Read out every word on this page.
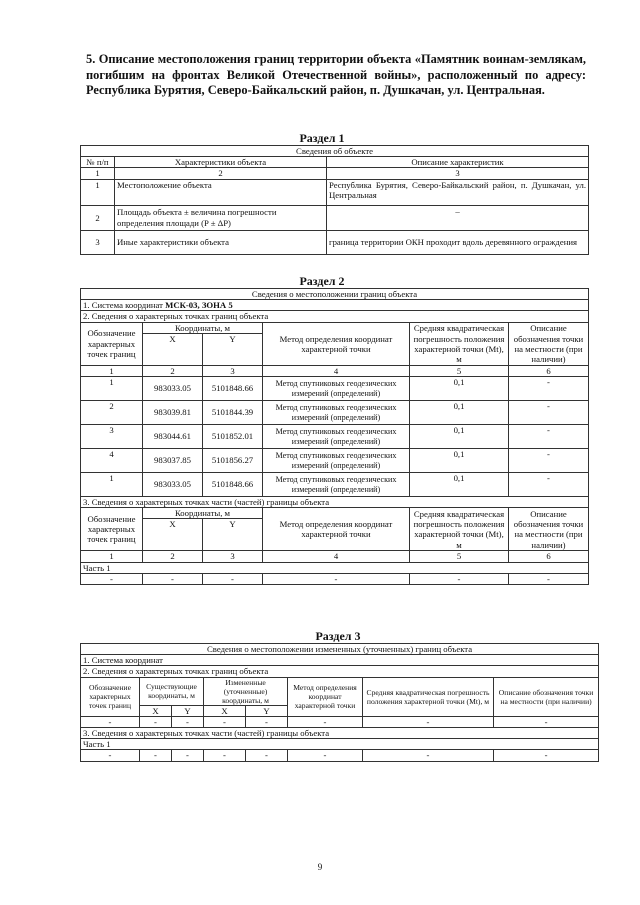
5. Описание местоположения границ территории объекта «Памятник воинам-землякам, погибшим на фронтах Великой Отечественной войны», расположенный по адресу: Республика Бурятия, Северо-Байкальский район, п. Душкачан, ул. Центральная.
Раздел 1
Сведения об объекте		
№ п/п	Характеристики объекта	Описание характеристик
1	2	3
1	Местоположение объекта	Республика Бурятия, Северо-Байкальский район, п. Душкачан, ул. Центральная
2	Площадь объекта ± величина погрешности определения площади (P ± ΔP)	–
3	Иные характеристики объекта	граница территории ОКН проходит вдоль деревянного ограждения
Раздел 2
Сведения о местоположении границ объекта					
1. Система координат МСК-03, ЗОНА 5					
2. Сведения о характерных точках границ объекта					
Обозначение характерных точек границ	Координаты, м		Метод определения координат характерной точки	Средняя квадратическая погрешность положения характерной точки (Mt), м	Описание обозначения точки на местности (при наличии)
	X	Y			
1	2	3	4	5	6
1	983033.05	5101848.66	Метод спутниковых геодезических измерений (определений)	0,1	-
2	983039.81	5101844.39	Метод спутниковых геодезических измерений (определений)	0,1	-
3	983044.61	5101852.01	Метод спутниковых геодезических измерений (определений)	0,1	-
4	983037.85	5101856.27	Метод спутниковых геодезических измерений (определений)	0,1	-
1	983033.05	5101848.66	Метод спутниковых геодезических измерений (определений)	0,1	-
3. Сведения о характерных точках части (частей) границы объекта					
Обозначение характерных точек границ	Координаты, м		Метод определения координат характерной точки	Средняя квадратическая погрешность положения характерной точки (Mt), м	Описание обозначения точки на местности (при наличии)
	X	Y			
1	2	3	4	5	6
Часть 1					
-	-	-	-	-	-
Раздел 3
Сведения о местоположении измененных (уточненных) границ объекта							
1. Система координат							
2. Сведения о характерных точках границ объекта							
Обозначение характерных точек границ	Существующие координаты, м		Измененные (уточненные) координаты, м		Метод определения координат характерной точки	Средняя квадратическая погрешность положения характерной точки (Mt), м	Описание обозначения точки на местности (при наличии)
	X	Y	X	Y			
-	-	-	-	-	-	-	-
3. Сведения о характерных точках части (частей) границы объекта							
Часть 1							
-	-	-	-	-	-	-	-
9
